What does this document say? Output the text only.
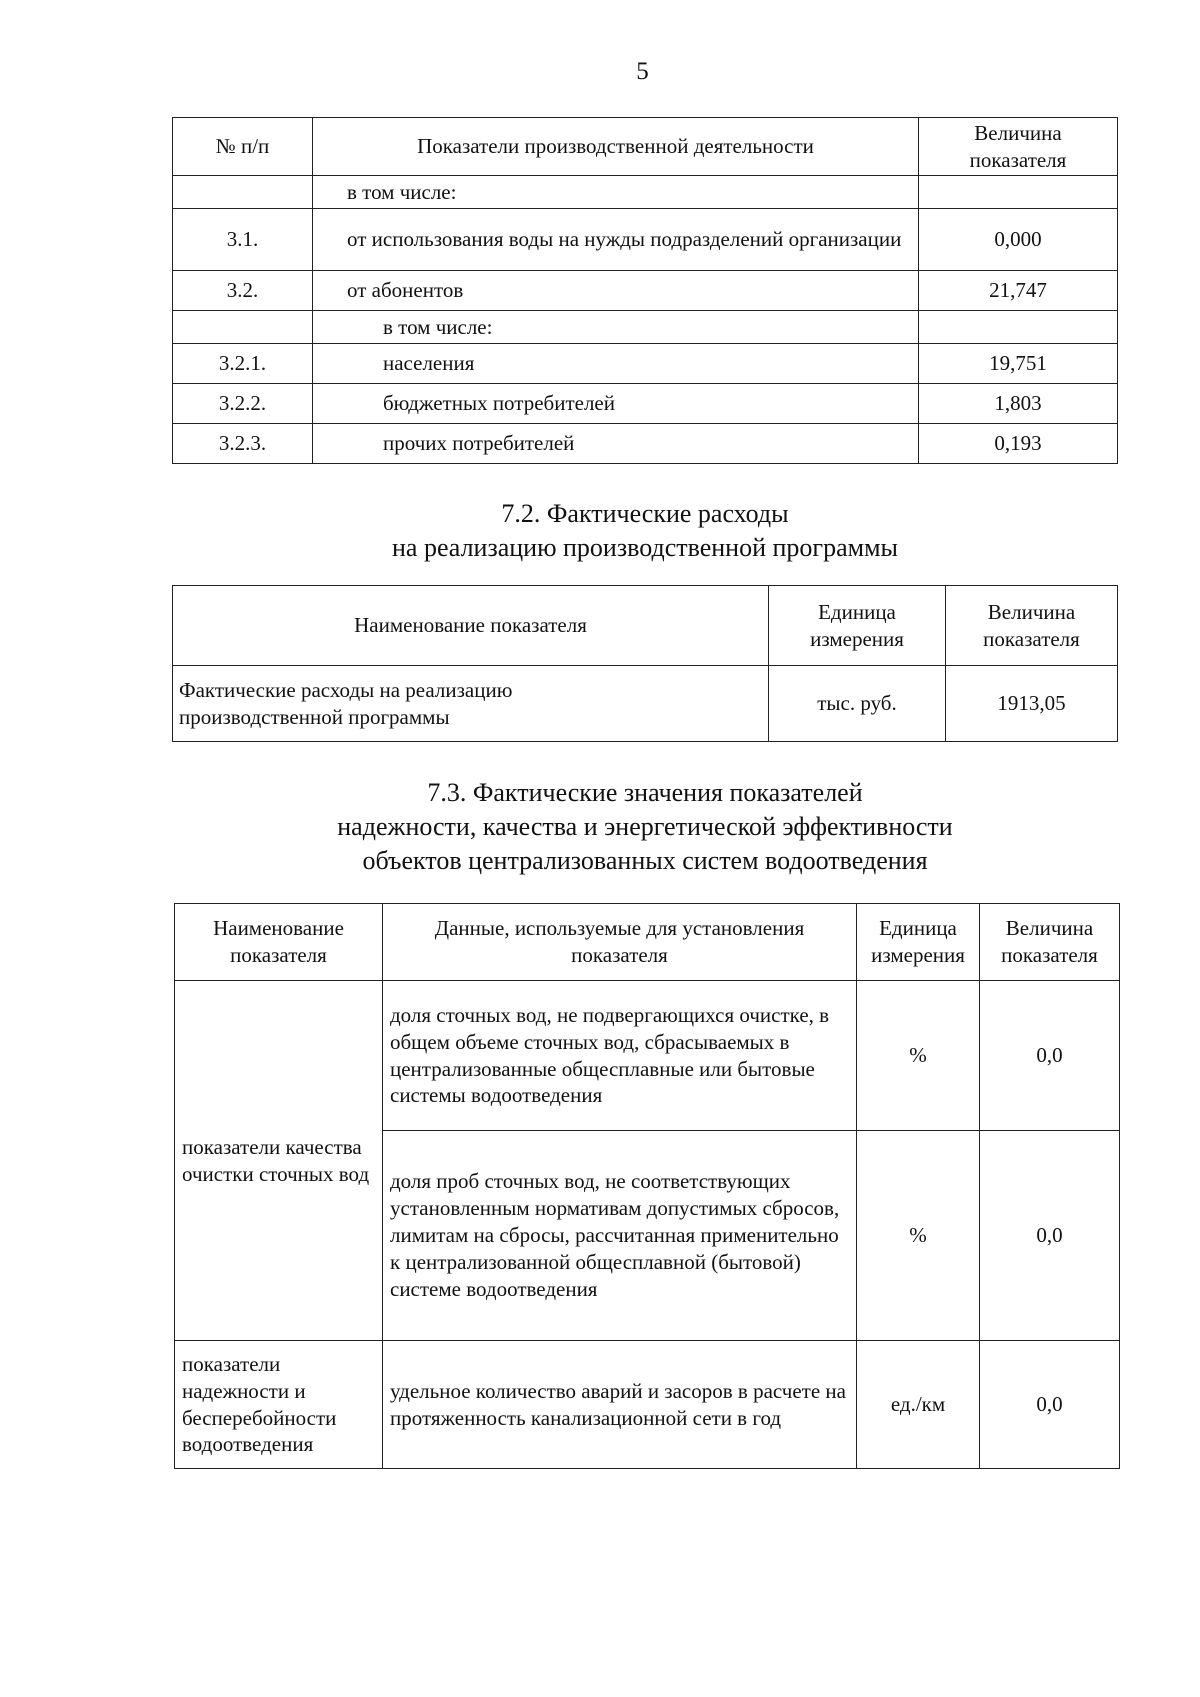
5
№ п/п	Показатели производственной деятельности	Величина показателя
	в том числе:	
3.1.	от использования воды на нужды подразделений организации	0,000
3.2.	от абонентов	21,747
	в том числе:	
3.2.1.	населения	19,751
3.2.2.	бюджетных потребителей	1,803
3.2.3.	прочих потребителей	0,193
7.2. Фактические расходы
на реализацию производственной программы
Наименование показателя	Единица измерения	Величина показателя
Фактические расходы на реализацию производственной программы	тыс. руб.	1913,05
7.3. Фактические значения показателей
надежности, качества и энергетической эффективности
объектов централизованных систем водоотведения
Наименование показателя	Данные, используемые для установления показателя	Единица измерения	Величина показателя
показатели качества очистки сточных вод	доля сточных вод, не подвергающихся очистке, в общем объеме сточных вод, сбрасываемых в централизованные общесплавные или бытовые системы водоотведения	%	0,0
	доля проб сточных вод, не соответствующих установленным нормативам допустимых сбросов, лимитам на сбросы, рассчитанная применительно к централизованной общесплавной (бытовой) системе водоотведения	%	0,0
показатели надежности и бесперебойности водоотведения	удельное количество аварий и засоров в расчете на протяженность канализационной сети в год	ед./км	0,0
